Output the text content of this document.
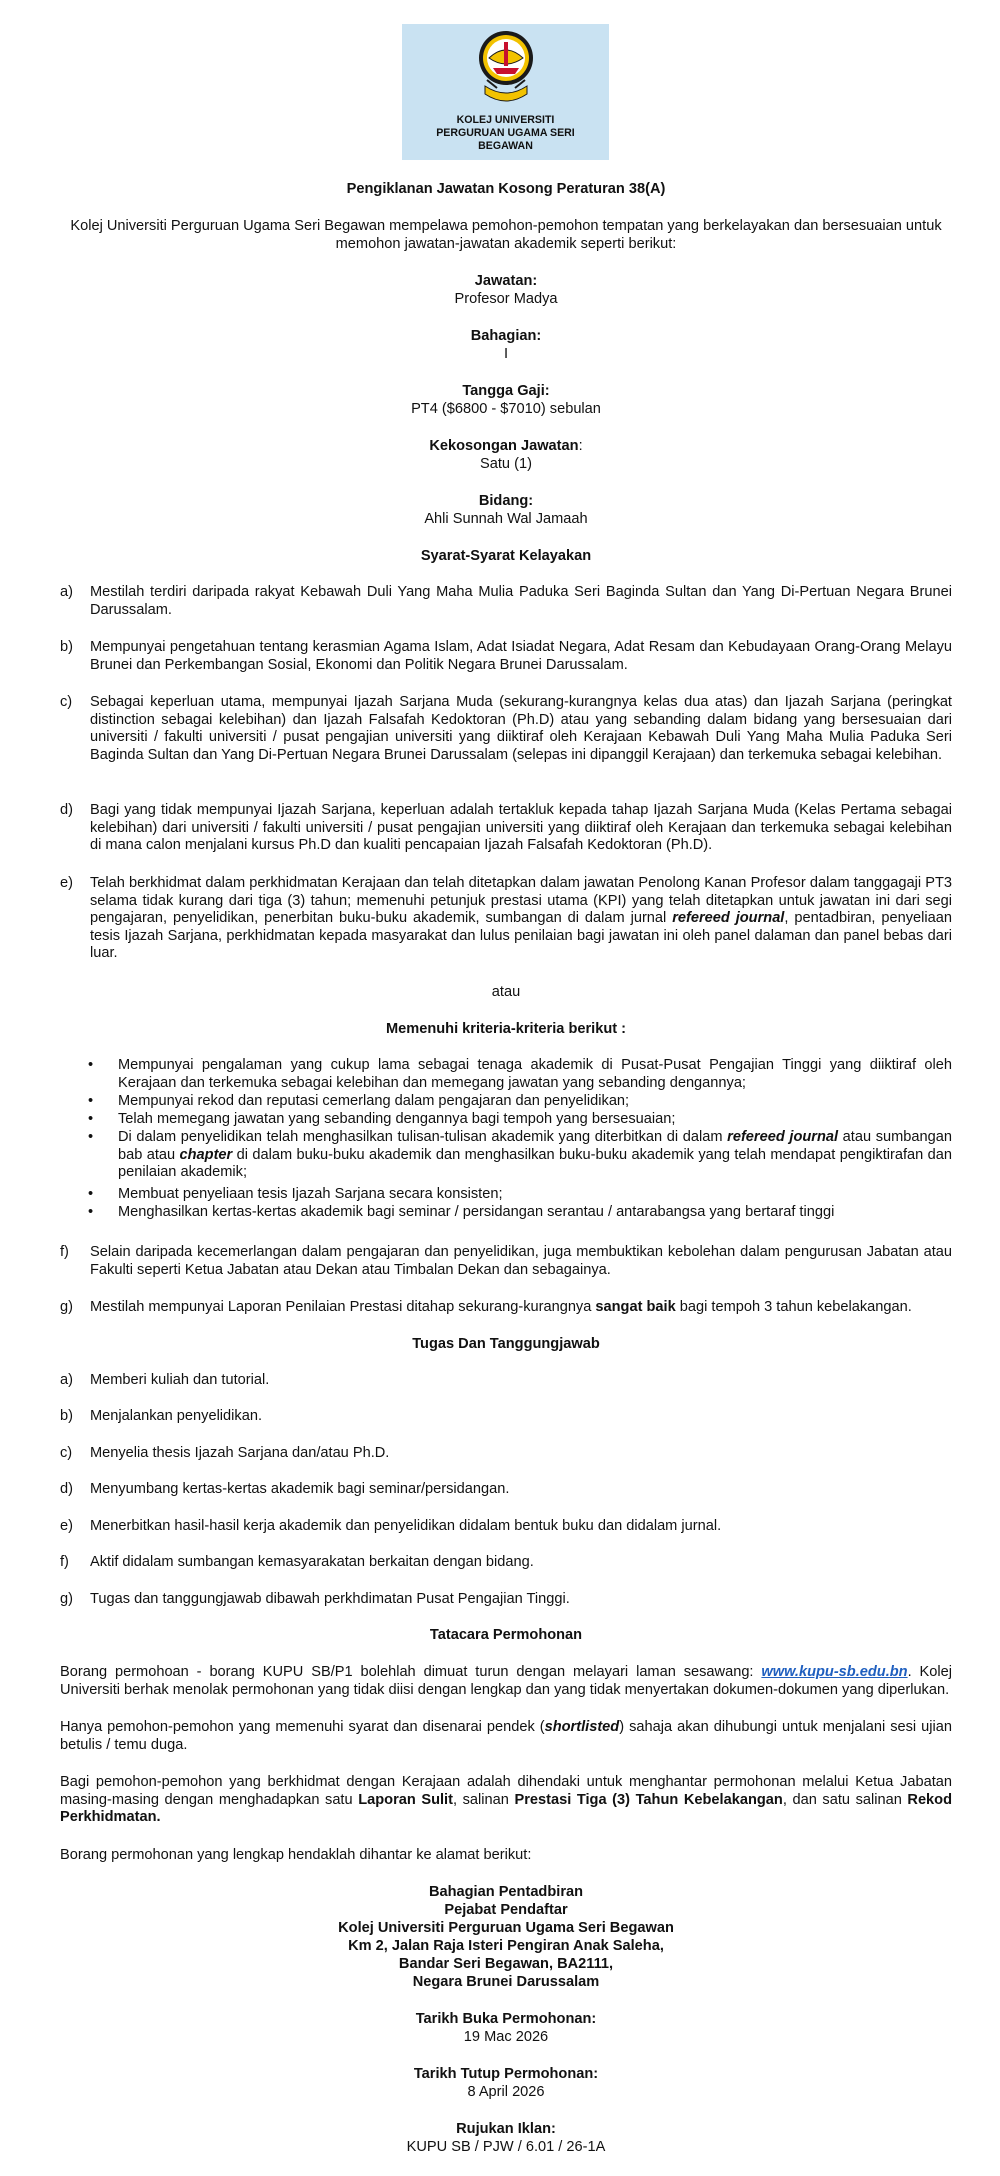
KOLEJ UNIVERSITI
PERGURUAN UGAMA SERI
BEGAWAN
Pengiklanan Jawatan Kosong Peraturan 38(A)
Kolej Universiti Perguruan Ugama Seri Begawan mempelawa pemohon-pemohon tempatan yang berkelayakan dan bersesuaian untuk memohon jawatan-jawatan akademik seperti berikut:
Jawatan:
Profesor Madya
Bahagian:
I
Tangga Gaji:
PT4 ($6800 - $7010) sebulan
Kekosongan Jawatan:
Satu (1)
Bidang:
Ahli Sunnah Wal Jamaah
Syarat-Syarat Kelayakan
a)	Mestilah terdiri daripada rakyat Kebawah Duli Yang Maha Mulia Paduka Seri Baginda Sultan dan Yang Di-Pertuan Negara Brunei Darussalam.
b)	Mempunyai pengetahuan tentang kerasmian Agama Islam, Adat Isiadat Negara, Adat Resam dan Kebudayaan Orang-Orang Melayu Brunei dan Perkembangan Sosial, Ekonomi dan Politik Negara Brunei Darussalam.
c)	Sebagai keperluan utama, mempunyai Ijazah Sarjana Muda (sekurang-kurangnya kelas dua atas) dan Ijazah Sarjana (peringkat distinction sebagai kelebihan) dan Ijazah Falsafah Kedoktoran (Ph.D) atau yang sebanding dalam bidang yang bersesuaian dari universiti / fakulti universiti / pusat pengajian universiti yang diiktiraf oleh Kerajaan Kebawah Duli Yang Maha Mulia Paduka Seri Baginda Sultan dan Yang Di-Pertuan Negara Brunei Darussalam (selepas ini dipanggil Kerajaan) dan terkemuka sebagai kelebihan.
d)	Bagi yang tidak mempunyai Ijazah Sarjana, keperluan adalah tertakluk kepada tahap Ijazah Sarjana Muda (Kelas Pertama sebagai kelebihan) dari universiti / fakulti universiti / pusat pengajian universiti yang diiktiraf oleh Kerajaan dan terkemuka sebagai kelebihan di mana calon menjalani kursus Ph.D dan kualiti pencapaian Ijazah Falsafah Kedoktoran (Ph.D).
e)	Telah berkhidmat dalam perkhidmatan Kerajaan dan telah ditetapkan dalam jawatan Penolong Kanan Profesor dalam tanggagaji PT3 selama tidak kurang dari tiga (3) tahun; memenuhi petunjuk prestasi utama (KPI) yang telah ditetapkan untuk jawatan ini dari segi pengajaran, penyelidikan, penerbitan buku-buku akademik, sumbangan di dalam jurnal refereed journal, pentadbiran, penyeliaan tesis Ijazah Sarjana, perkhidmatan kepada masyarakat dan lulus penilaian bagi jawatan ini oleh panel dalaman dan panel bebas dari luar.
atau
Memenuhi kriteria-kriteria berikut :
• Mempunyai pengalaman yang cukup lama sebagai tenaga akademik di Pusat-Pusat Pengajian Tinggi yang diiktiraf oleh Kerajaan dan terkemuka sebagai kelebihan dan memegang jawatan yang sebanding dengannya;
• Mempunyai rekod dan reputasi cemerlang dalam pengajaran dan penyelidikan;
• Telah memegang jawatan yang sebanding dengannya bagi tempoh yang bersesuaian;
• Di dalam penyelidikan telah menghasilkan tulisan-tulisan akademik yang diterbitkan di dalam refereed journal atau sumbangan bab atau chapter di dalam buku-buku akademik dan menghasilkan buku-buku akademik yang telah mendapat pengiktirafan dan penilaian akademik;
• Membuat penyeliaan tesis Ijazah Sarjana secara konsisten;
• Menghasilkan kertas-kertas akademik bagi seminar / persidangan serantau / antarabangsa yang bertaraf tinggi
f)	Selain daripada kecemerlangan dalam pengajaran dan penyelidikan, juga membuktikan kebolehan dalam pengurusan Jabatan atau Fakulti seperti Ketua Jabatan atau Dekan atau Timbalan Dekan dan sebagainya.
g)	Mestilah mempunyai Laporan Penilaian Prestasi ditahap sekurang-kurangnya sangat baik bagi tempoh 3 tahun kebelakangan.
Tugas Dan Tanggungjawab
a)	Memberi kuliah dan tutorial.
b)	Menjalankan penyelidikan.
c)	Menyelia thesis Ijazah Sarjana dan/atau Ph.D.
d)	Menyumbang kertas-kertas akademik bagi seminar/persidangan.
e)	Menerbitkan hasil-hasil kerja akademik dan penyelidikan didalam bentuk buku dan didalam jurnal.
f)	Aktif didalam sumbangan kemasyarakatan berkaitan dengan bidang.
g)	Tugas dan tanggungjawab dibawah perkhdimatan Pusat Pengajian Tinggi.
Tatacara Permohonan
Borang permohoan - borang KUPU SB/P1 bolehlah dimuat turun dengan melayari laman sesawang: www.kupu-sb.edu.bn. Kolej Universiti berhak menolak permohonan yang tidak diisi dengan lengkap dan yang tidak menyertakan dokumen-dokumen yang diperlukan.
Hanya pemohon-pemohon yang memenuhi syarat dan disenarai pendek (shortlisted) sahaja akan dihubungi untuk menjalani sesi ujian betulis / temu duga.
Bagi pemohon-pemohon yang berkhidmat dengan Kerajaan adalah dihendaki untuk menghantar permohonan melalui Ketua Jabatan masing-masing dengan menghadapkan satu Laporan Sulit, salinan Prestasi Tiga (3) Tahun Kebelakangan, dan satu salinan Rekod Perkhidmatan.
Borang permohonan yang lengkap hendaklah dihantar ke alamat berikut:
Bahagian Pentadbiran
Pejabat Pendaftar
Kolej Universiti Perguruan Ugama Seri Begawan
Km 2, Jalan Raja Isteri Pengiran Anak Saleha,
Bandar Seri Begawan, BA2111,
Negara Brunei Darussalam
Tarikh Buka Permohonan:
19 Mac 2026
Tarikh Tutup Permohonan:
8 April 2026
Rujukan Iklan:
KUPU SB / PJW / 6.01 / 26-1A
